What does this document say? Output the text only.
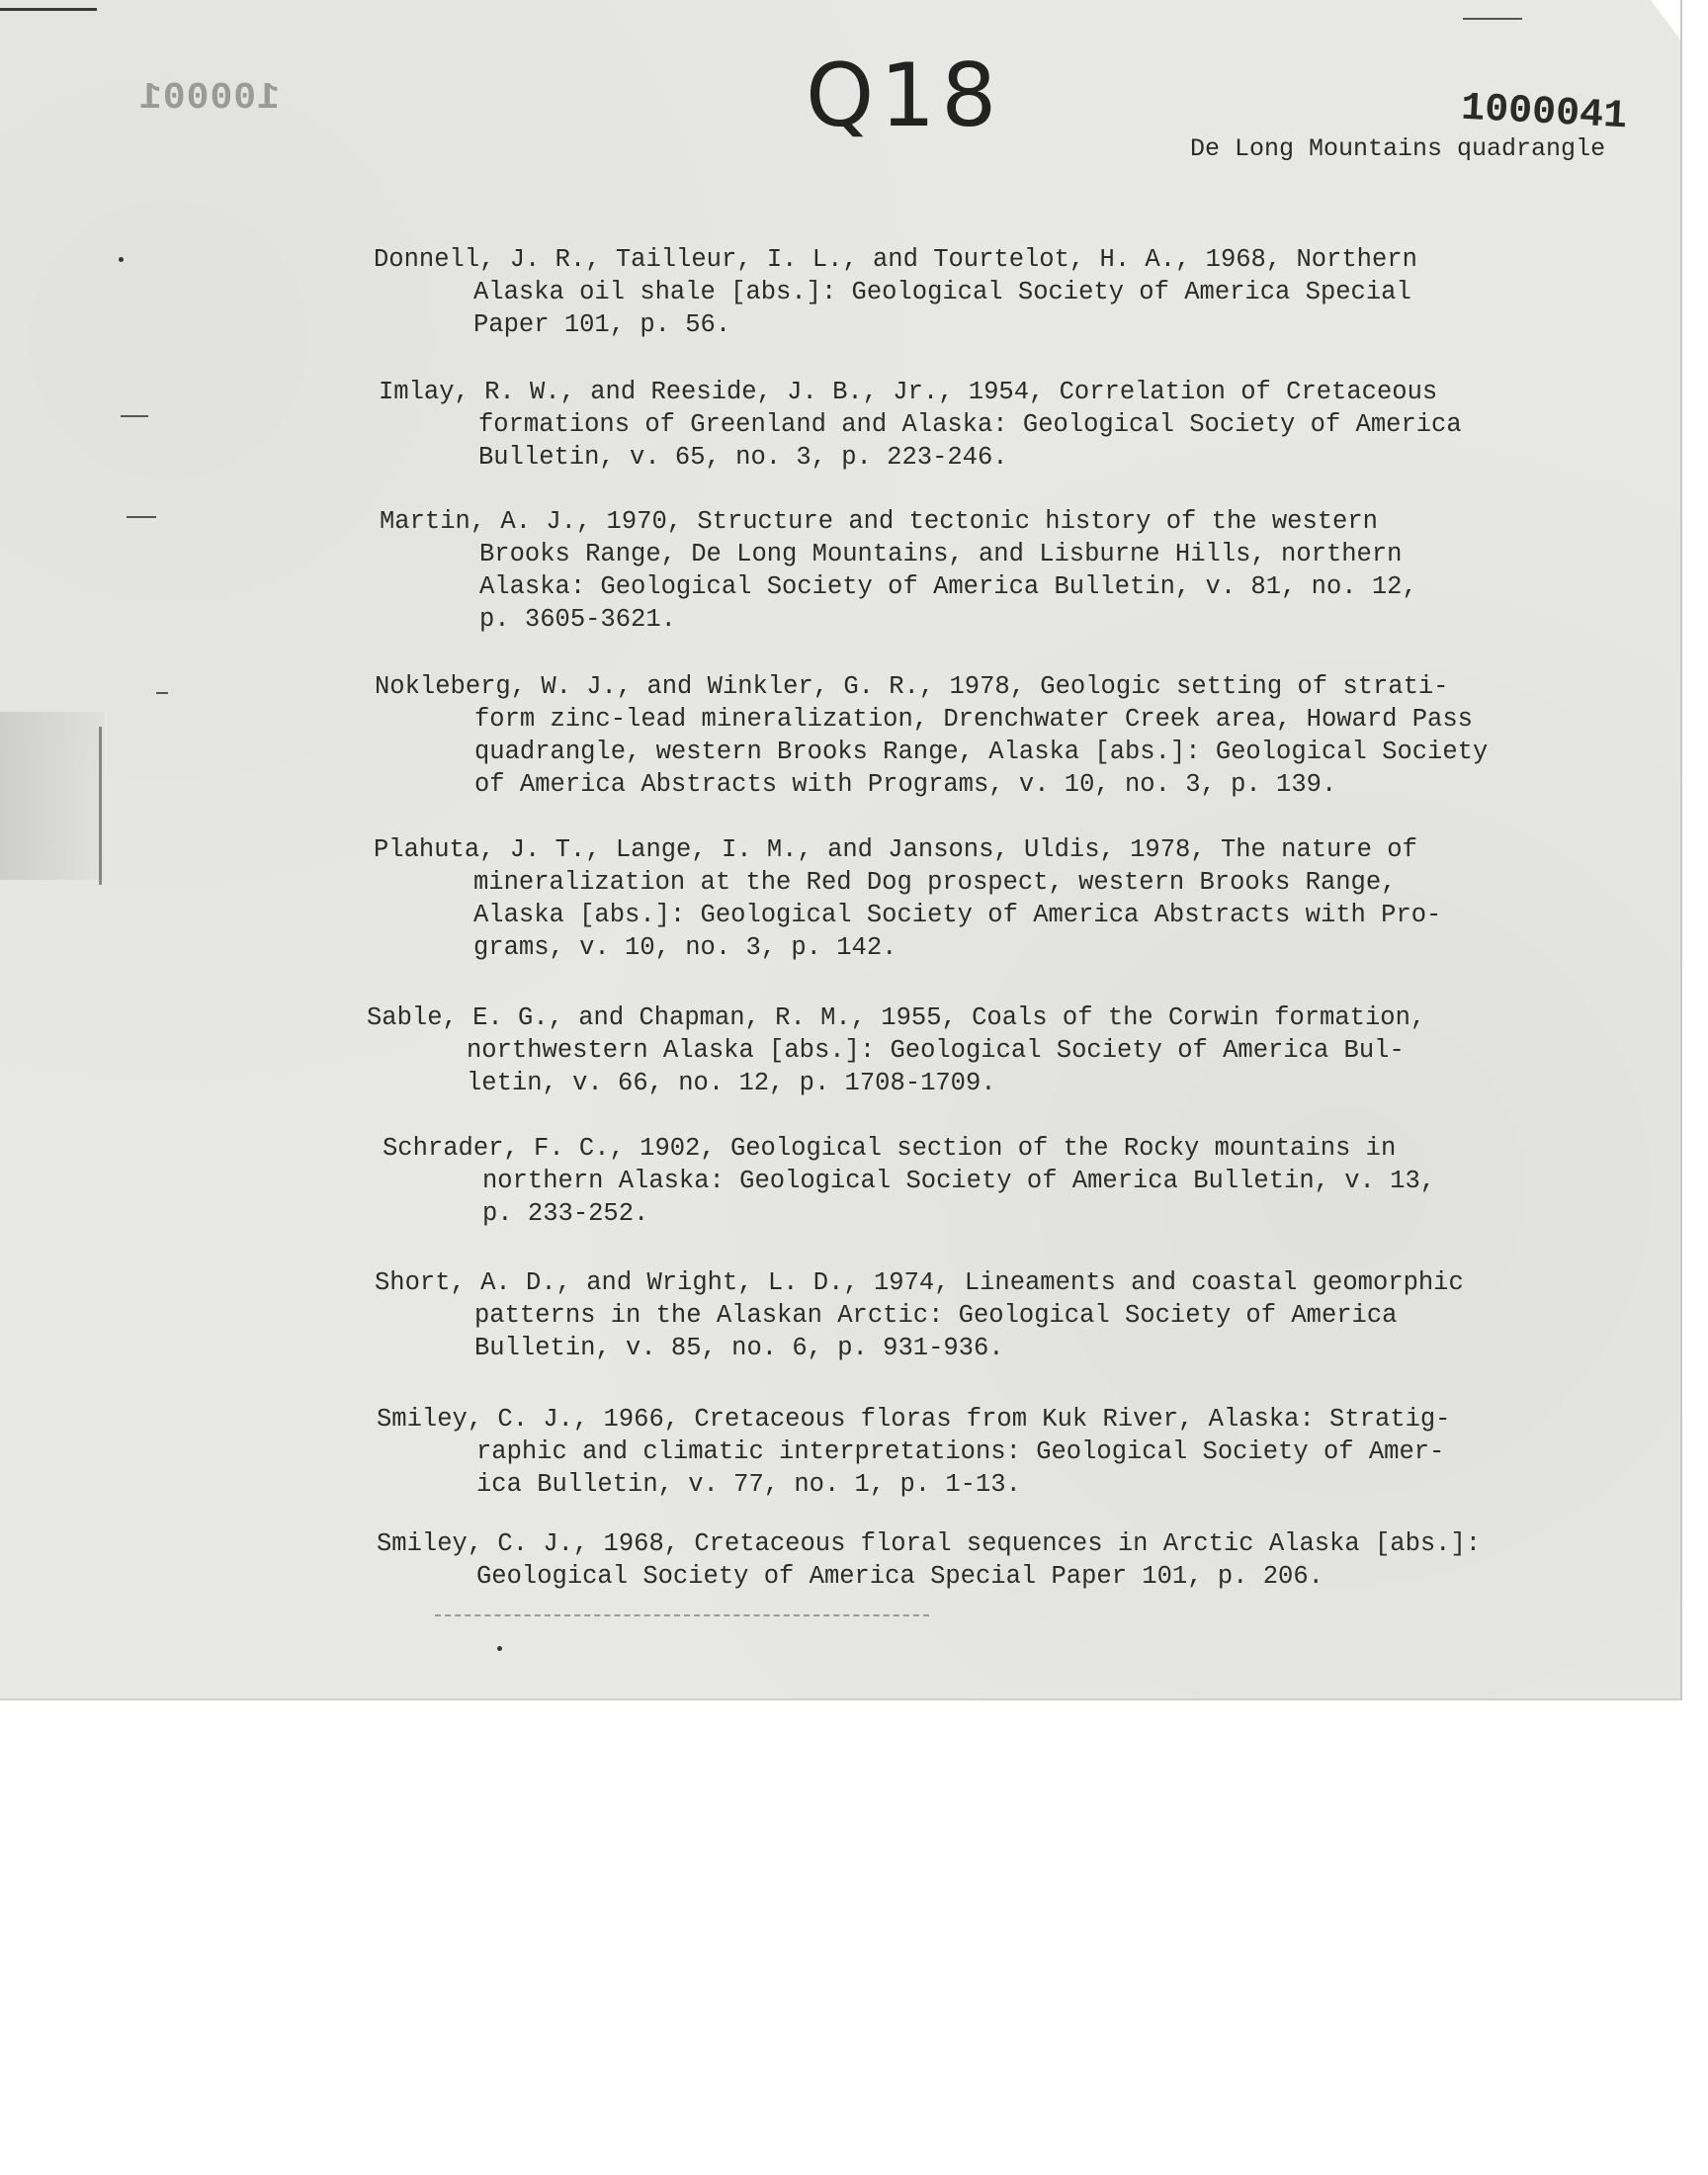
100001	Q18	1000041
De Long Mountains quadrangle
Donnell, J. R., Tailleur, I. L., and Tourtelot, H. A., 1968, Northern
Alaska oil shale [abs.]: Geological Society of America Special
Paper 101, p. 56.
Imlay, R. W., and Reeside, J. B., Jr., 1954, Correlation of Cretaceous
formations of Greenland and Alaska: Geological Society of America
Bulletin, v. 65, no. 3, p. 223-246.
Martin, A. J., 1970, Structure and tectonic history of the western
Brooks Range, De Long Mountains, and Lisburne Hills, northern
Alaska: Geological Society of America Bulletin, v. 81, no. 12,
p. 3605-3621.
Nokleberg, W. J., and Winkler, G. R., 1978, Geologic setting of strati-
form zinc-lead mineralization, Drenchwater Creek area, Howard Pass
quadrangle, western Brooks Range, Alaska [abs.]: Geological Society
of America Abstracts with Programs, v. 10, no. 3, p. 139.
Plahuta, J. T., Lange, I. M., and Jansons, Uldis, 1978, The nature of
mineralization at the Red Dog prospect, western Brooks Range,
Alaska [abs.]: Geological Society of America Abstracts with Pro-
grams, v. 10, no. 3, p. 142.
Sable, E. G., and Chapman, R. M., 1955, Coals of the Corwin formation,
northwestern Alaska [abs.]: Geological Society of America Bul-
letin, v. 66, no. 12, p. 1708-1709.
Schrader, F. C., 1902, Geological section of the Rocky mountains in
northern Alaska: Geological Society of America Bulletin, v. 13,
p. 233-252.
Short, A. D., and Wright, L. D., 1974, Lineaments and coastal geomorphic
patterns in the Alaskan Arctic: Geological Society of America
Bulletin, v. 85, no. 6, p. 931-936.
Smiley, C. J., 1966, Cretaceous floras from Kuk River, Alaska: Stratig-
raphic and climatic interpretations: Geological Society of Amer-
ica Bulletin, v. 77, no. 1, p. 1-13.
Smiley, C. J., 1968, Cretaceous floral sequences in Arctic Alaska [abs.]:
Geological Society of America Special Paper 101, p. 206.
